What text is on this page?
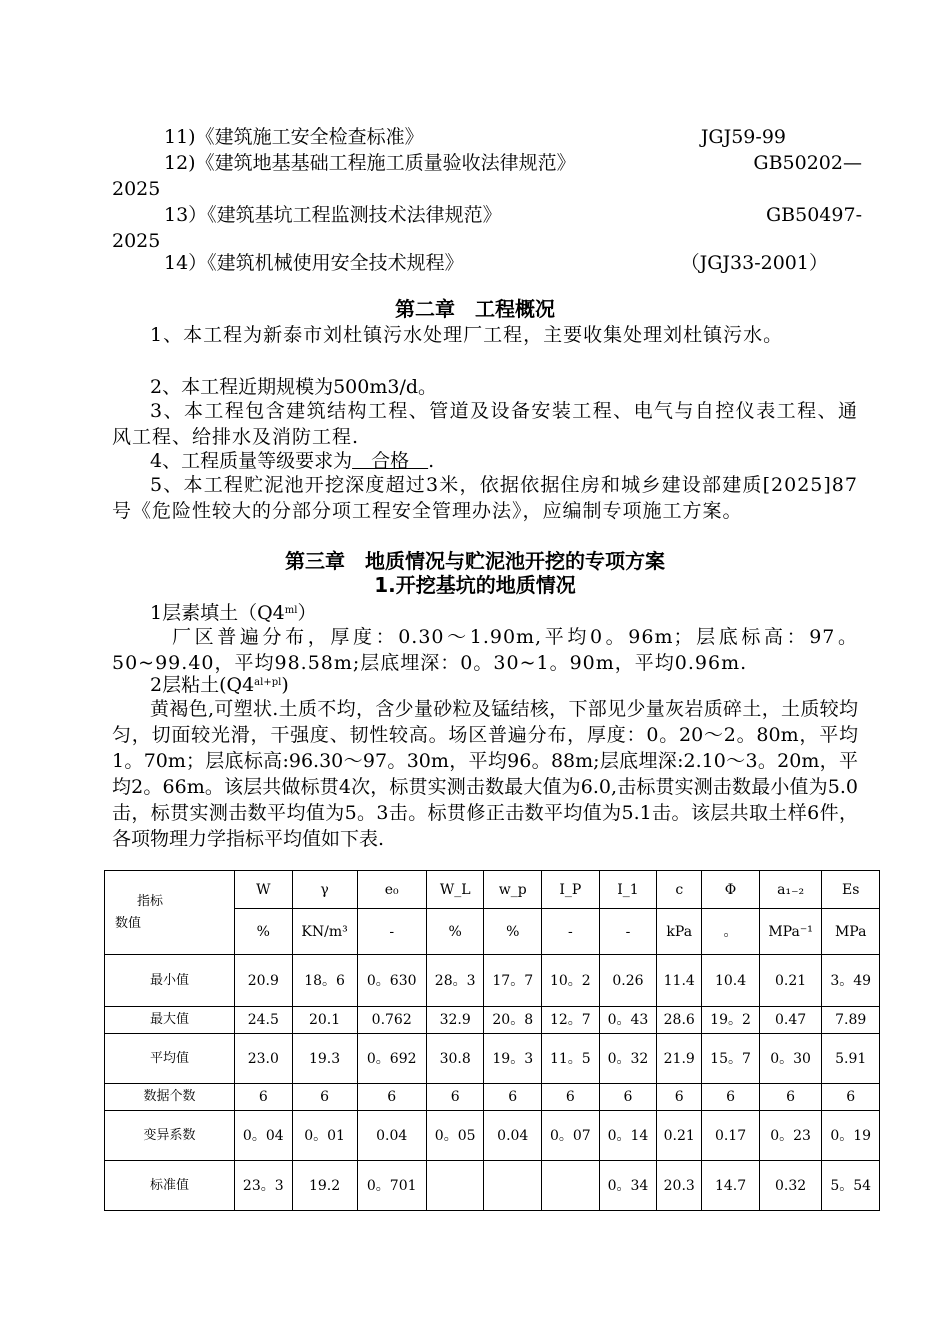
11)《建筑施工安全检查标准》	JGJ59-99
12)《建筑地基基础工程施工质量验收法律规范》	GB50202—
2025
13）《建筑基坑工程监测技术法律规范》	GB50497-
2025
14）《建筑机械使用安全技术规程》	（JGJ33-2001）
第二章　工程概况
1、本工程为新泰市刘杜镇污水处理厂工程，主要收集处理刘杜镇污水。
2、本工程近期规模为500m3/d。
3、本工程包含建筑结构工程、管道及设备安装工程、电气与自控仪表工程、通风工程、给排水及消防工程.
4、工程质量等级要求为　合格　.
5、本工程贮泥池开挖深度超过3米，依据依据住房和城乡建设部建质[2025]87号《危险性较大的分部分项工程安全管理办法》，应编制专项施工方案。
第三章　地质情况与贮泥池开挖的专项方案
1.开挖基坑的地质情况
1层素填土$(Q4^{ml})$
厂区普遍分布，厚度：0.30～1.90m,平均0。96m；层底标高：97。50~99.40，平均98.58m;层底埋深：0。30~1。90m，平均0.96m.
2层粘土$(Q4^{al+pl})$
黄褐色,可塑状.土质不均，含少量砂粒及锰结核，下部见少量灰岩质碎土，土质较均匀，切面较光滑，干强度、韧性较高。场区普遍分布，厚度：0。20～2。80m，平均1。70m；层底标高:96.30～97。30m，平均96。88m;层底埋深:2.10～3。20m，平均2。66m。该层共做标贯4次，标贯实测击数最大值为6.0,击标贯实测击数最小值为5.0击，标贯实测击数平均值为5。3击。标贯修正击数平均值为5.1击。该层共取土样6件，各项物理力学指标平均值如下表.
指标
数值	W	γ	e₀	W_L	w_p	I_P	I_1	c	Φ	a₁₋₂	Es
	%	KN/m³	-	%	%	-	-	kPa	。	MPa⁻¹	MPa
最小值	20.9	18。6	0。630	28。3	17。7	10。2	0.26	11.4	10.4	0.21	3。49
最大值	24.5	20.1	0.762	32.9	20。8	12。7	0。43	28.6	19。2	0.47	7.89
平均值	23.0	19.3	0。692	30.8	19。3	11。5	0。32	21.9	15。7	0。30	5.91
数据个数	6	6	6	6	6	6	6	6	6	6	6
变异系数	0。04	0。01	0.04	0。05	0.04	0。07	0。14	0.21	0.17	0。23	0。19
标准值	23。3	19.2	0。701				0。34	20.3	14.7	0.32	5。54
